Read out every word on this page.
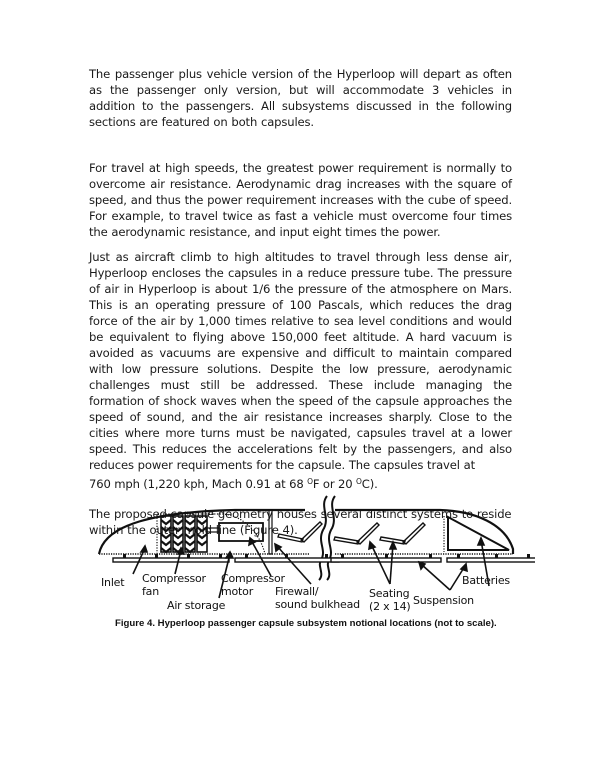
The passenger plus vehicle version of the Hyperloop will depart as often as the passenger only version, but will accommodate 3 vehicles in addition to the passengers. All subsystems discussed in the following sections are featured on both capsules.

For travel at high speeds, the greatest power requirement is normally to overcome air resistance. Aerodynamic drag increases with the square of speed, and thus the power requirement increases with the cube of speed. For example, to travel twice as fast a vehicle must overcome four times the aerodynamic resistance, and input eight times the power.

Just as aircraft climb to high altitudes to travel through less dense air, Hyperloop encloses the capsules in a reduce pressure tube. The pressure of air in Hyperloop is about 1/6 the pressure of the atmosphere on Mars. This is an operating pressure of 100 Pascals, which reduces the drag force of the air by 1,000 times relative to sea level conditions and would be equivalent to flying above 150,000 feet altitude. A hard vacuum is avoided as vacuums are expensive and difficult to maintain compared with low pressure solutions. Despite the low pressure, aerodynamic challenges must still be addressed. These include managing the formation of shock waves when the speed of the capsule approaches the speed of sound, and the air resistance increases sharply. Close to the cities where more turns must be navigated, capsules travel at a lower speed. This reduces the accelerations felt by the passengers, and also reduces power requirements for the capsule. The capsules travel at

760 mph (1,220 kph, Mach 0.91 at 68 $^O$F or 20 $^O$C).

The proposed capsule geometry houses several distinct systems to reside within the outer mold line (Figure 4).

Inlet Compressor
fan
Air storage
Compressor
motor	Firewall/
sound bulkhead
Seating
(2 x 14) Suspension
Batteries
Figure 4. Hyperloop passenger capsule subsystem notional locations (not to scale).
